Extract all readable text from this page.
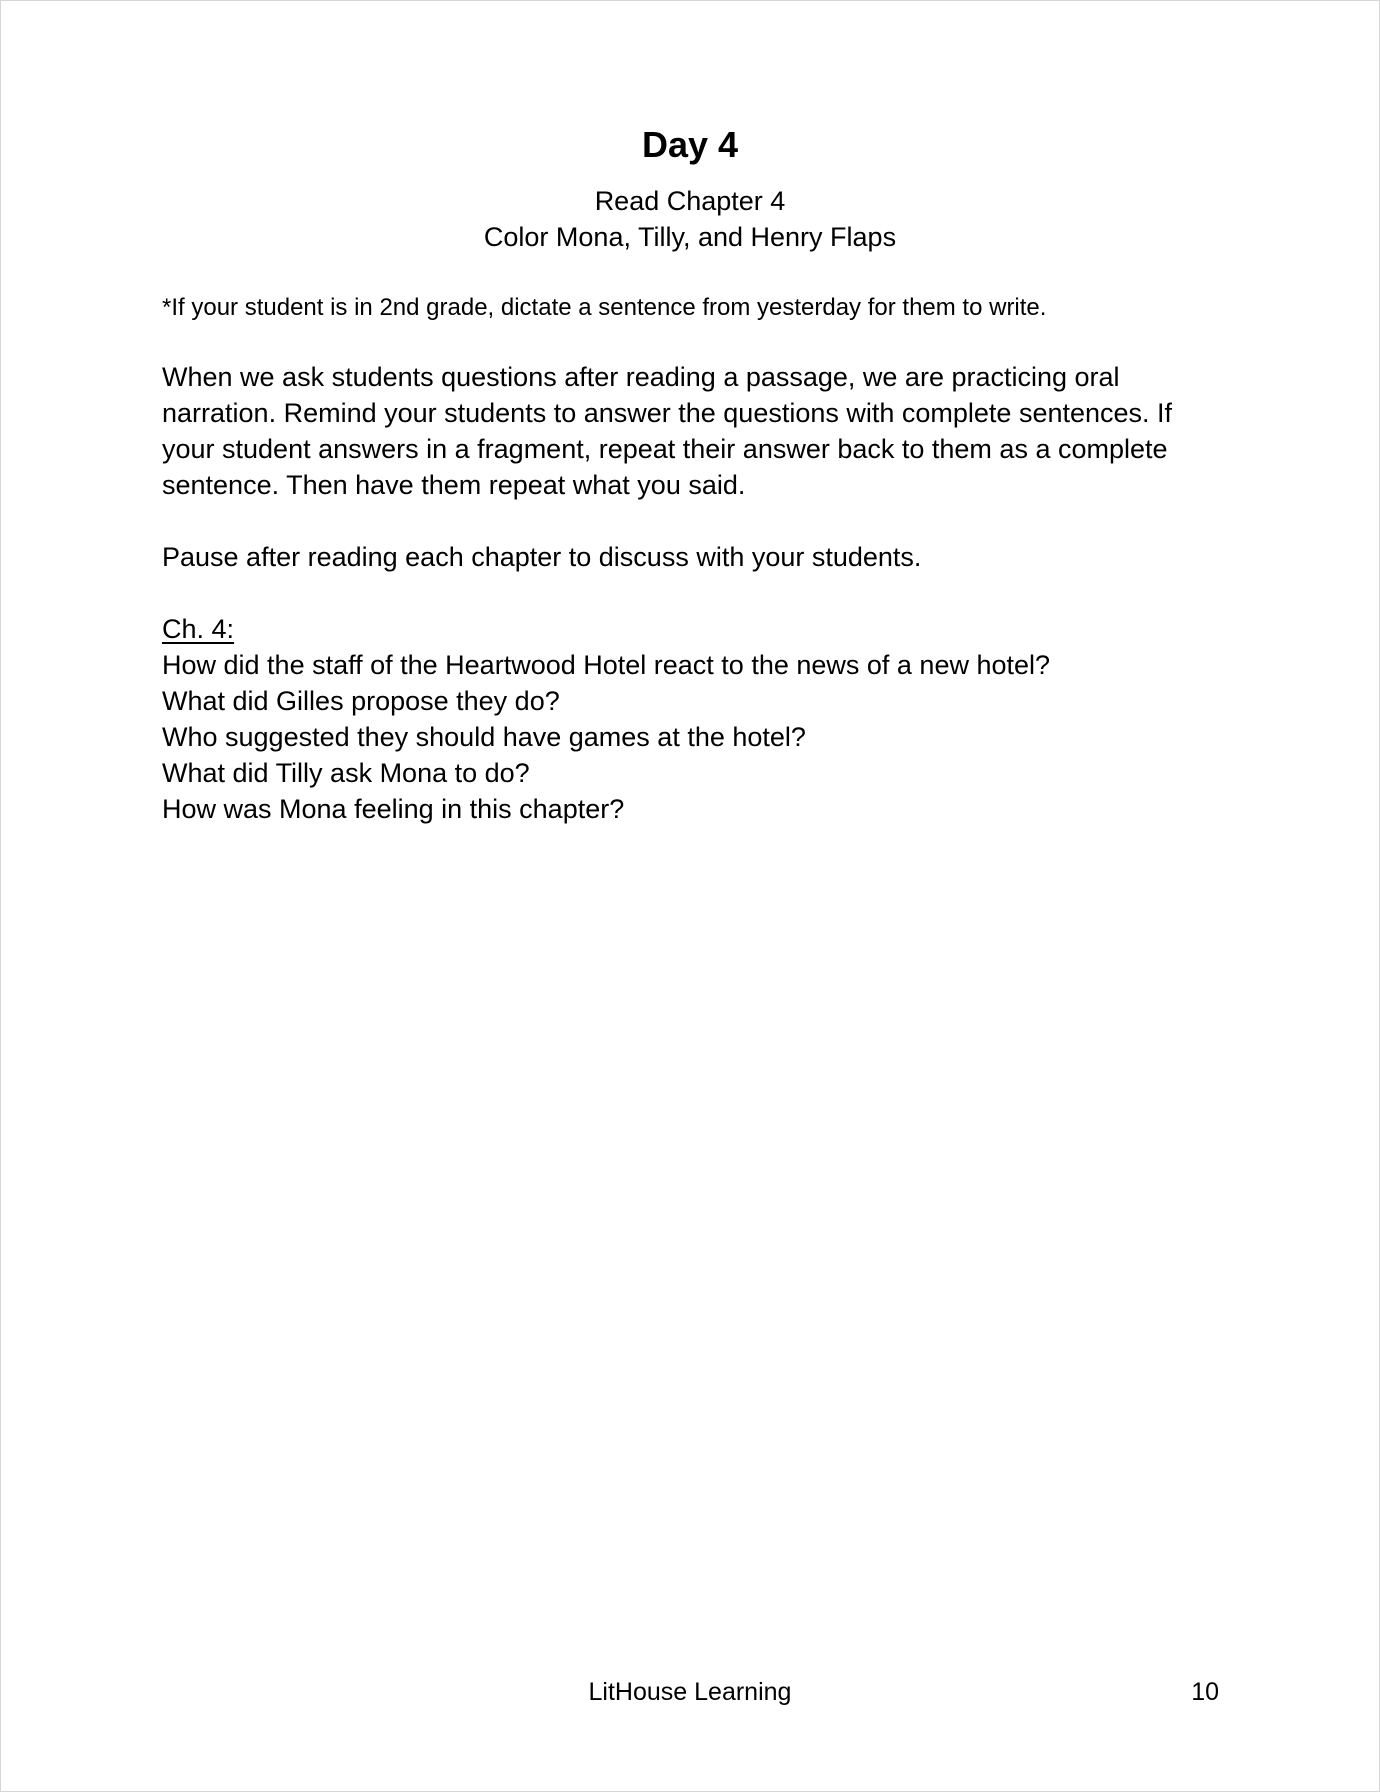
Day 4
Read Chapter 4
Color Mona, Tilly, and Henry Flaps
*If your student is in 2nd grade, dictate a sentence from yesterday for them to write.

When we ask students questions after reading a passage, we are practicing oral narration. Remind your students to answer the questions with complete sentences. If your student answers in a fragment, repeat their answer back to them as a complete sentence. Then have them repeat what you said.

Pause after reading each chapter to discuss with your students.
Ch. 4:
How did the staff of the Heartwood Hotel react to the news of a new hotel?
What did Gilles propose they do?
Who suggested they should have games at the hotel?
What did Tilly ask Mona to do?
How was Mona feeling in this chapter?
LitHouse Learning	10
